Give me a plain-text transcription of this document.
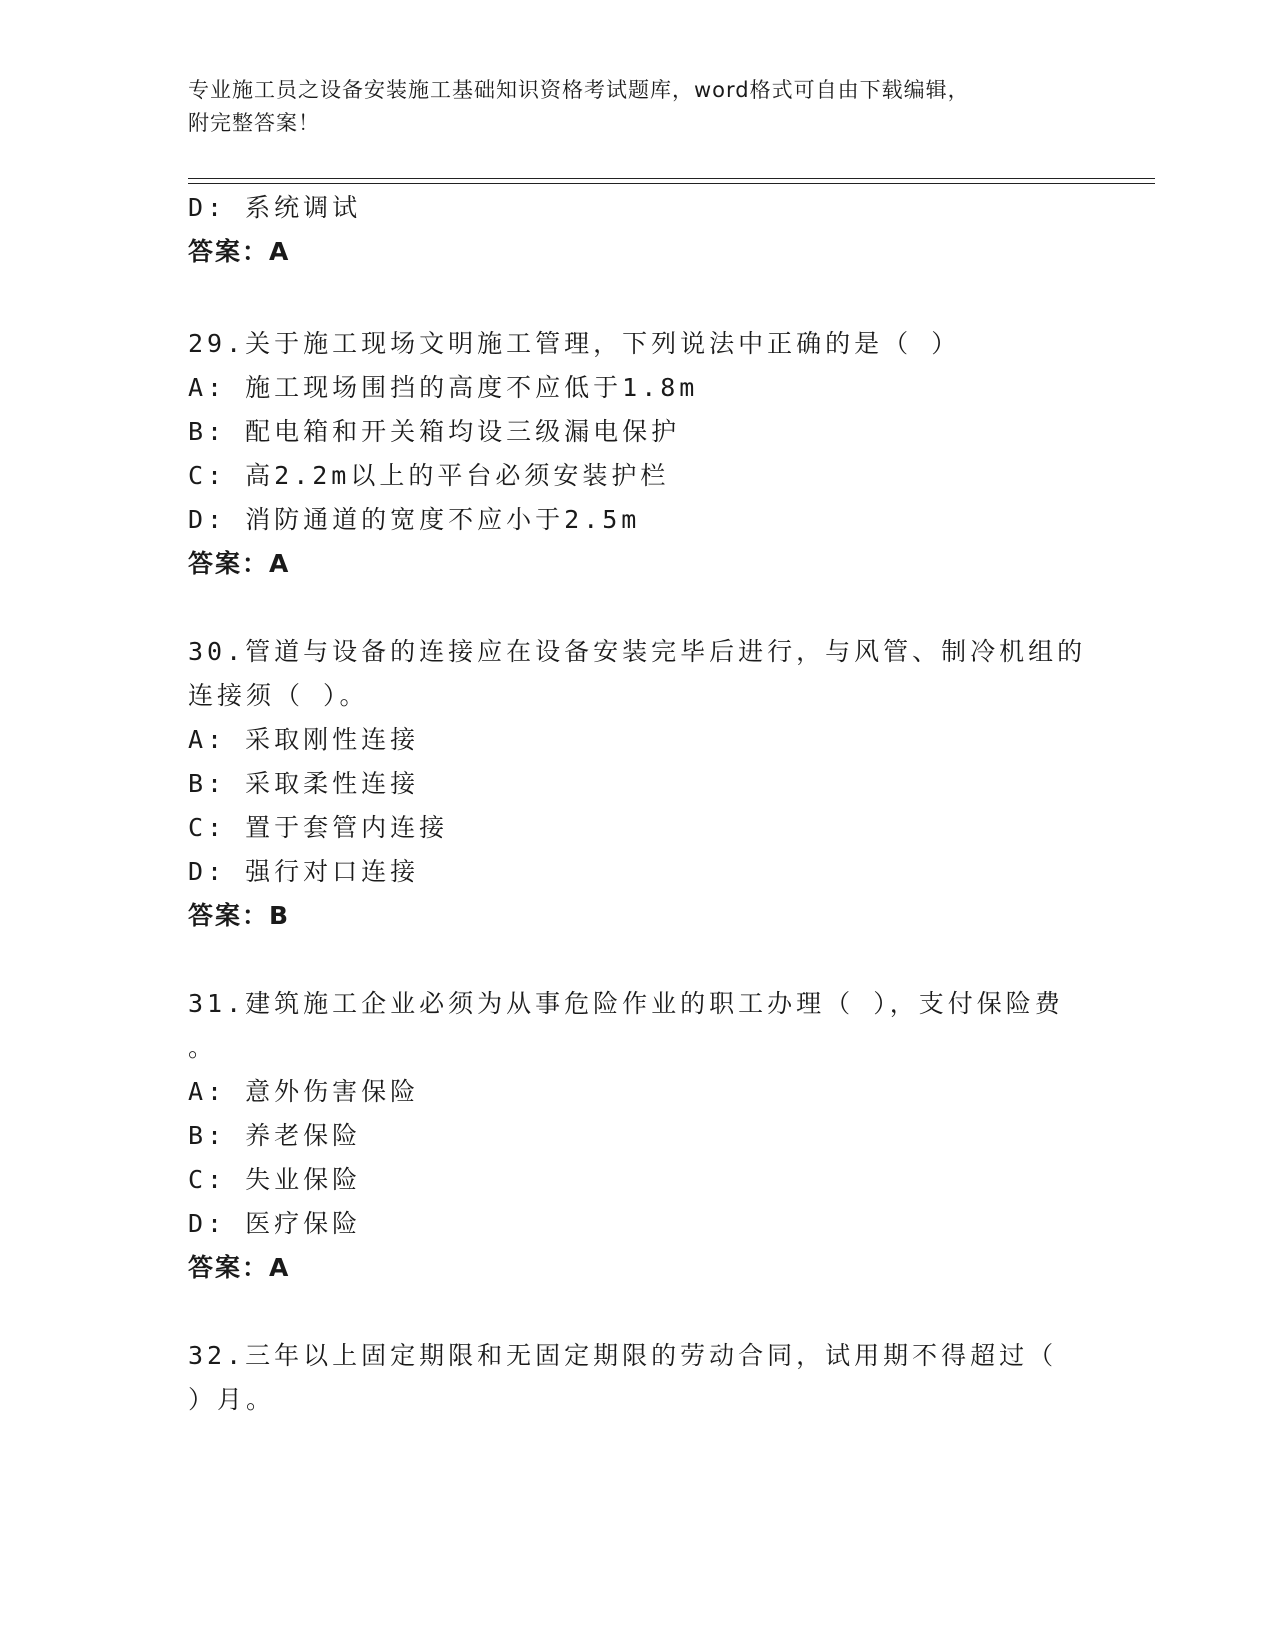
专业施工员之设备安装施工基础知识资格考试题库，word格式可自由下载编辑，
附完整答案！
D: 系统调试
答案：A
29.关于施工现场文明施工管理，下列说法中正确的是（ ）
A: 施工现场围挡的高度不应低于1.8m
B: 配电箱和开关箱均设三级漏电保护
C: 高2.2m以上的平台必须安装护栏
D: 消防通道的宽度不应小于2.5m
答案：A
30.管道与设备的连接应在设备安装完毕后进行，与风管、制冷机组的
连接须（ ）。
A: 采取刚性连接
B: 采取柔性连接
C: 置于套管内连接
D: 强行对口连接
答案：B
31.建筑施工企业必须为从事危险作业的职工办理（ ），支付保险费
。
A: 意外伤害保险
B: 养老保险
C: 失业保险
D: 医疗保险
答案：A
32.三年以上固定期限和无固定期限的劳动合同，试用期不得超过（
）月。
